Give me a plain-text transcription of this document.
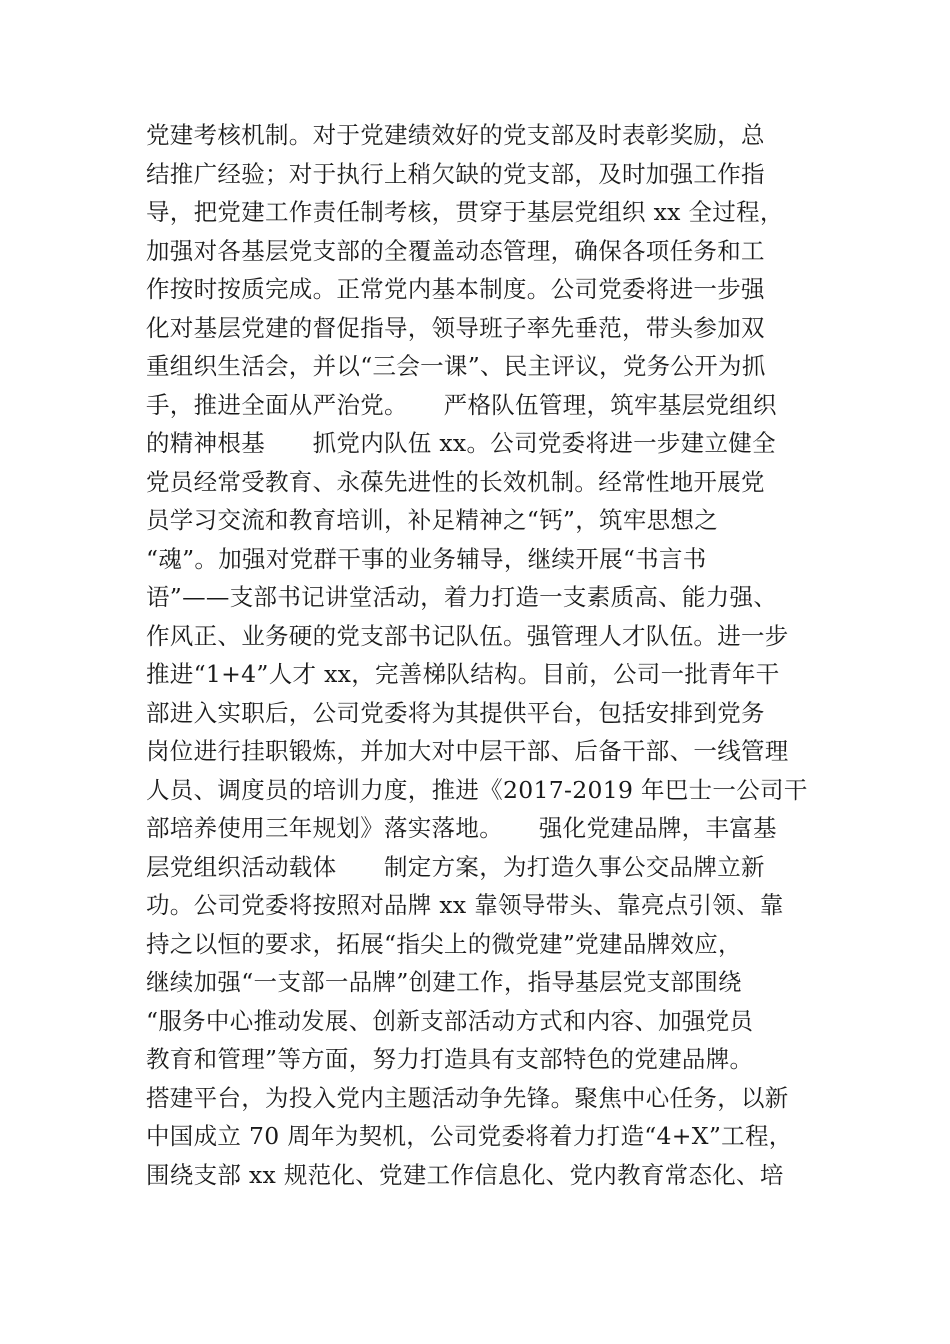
党建考核机制。对于党建绩效好的党支部及时表彰奖励，总
结推广经验；对于执行上稍欠缺的党支部，及时加强工作指
导，把党建工作责任制考核，贯穿于基层党组织 xx 全过程，
加强对各基层党支部的全覆盖动态管理，确保各项任务和工
作按时按质完成。正常党内基本制度。公司党委将进一步强
化对基层党建的督促指导，领导班子率先垂范，带头参加双
重组织生活会，并以“三会一课”、民主评议，党务公开为抓
手，推进全面从严治党。　　严格队伍管理，筑牢基层党组织
的精神根基　　抓党内队伍 xx。公司党委将进一步建立健全
党员经常受教育、永葆先进性的长效机制。经常性地开展党
员学习交流和教育培训，补足精神之“钙”，筑牢思想之
“魂”。加强对党群干事的业务辅导，继续开展“书言书
语”——支部书记讲堂活动，着力打造一支素质高、能力强、
作风正、业务硬的党支部书记队伍。强管理人才队伍。进一步
推进“1+4”人才 xx，完善梯队结构。目前，公司一批青年干
部进入实职后，公司党委将为其提供平台，包括安排到党务
岗位进行挂职锻炼，并加大对中层干部、后备干部、一线管理
人员、调度员的培训力度，推进《2017-2019 年巴士一公司干
部培养使用三年规划》落实落地。　　强化党建品牌，丰富基
层党组织活动载体　　制定方案，为打造久事公交品牌立新
功。公司党委将按照对品牌 xx 靠领导带头、靠亮点引领、靠
持之以恒的要求，拓展“指尖上的微党建”党建品牌效应，
继续加强“一支部一品牌”创建工作，指导基层党支部围绕
“服务中心推动发展、创新支部活动方式和内容、加强党员
教育和管理”等方面，努力打造具有支部特色的党建品牌。
搭建平台，为投入党内主题活动争先锋。聚焦中心任务，以新
中国成立 70 周年为契机，公司党委将着力打造“4+X”工程，
围绕支部 xx 规范化、党建工作信息化、党内教育常态化、培
